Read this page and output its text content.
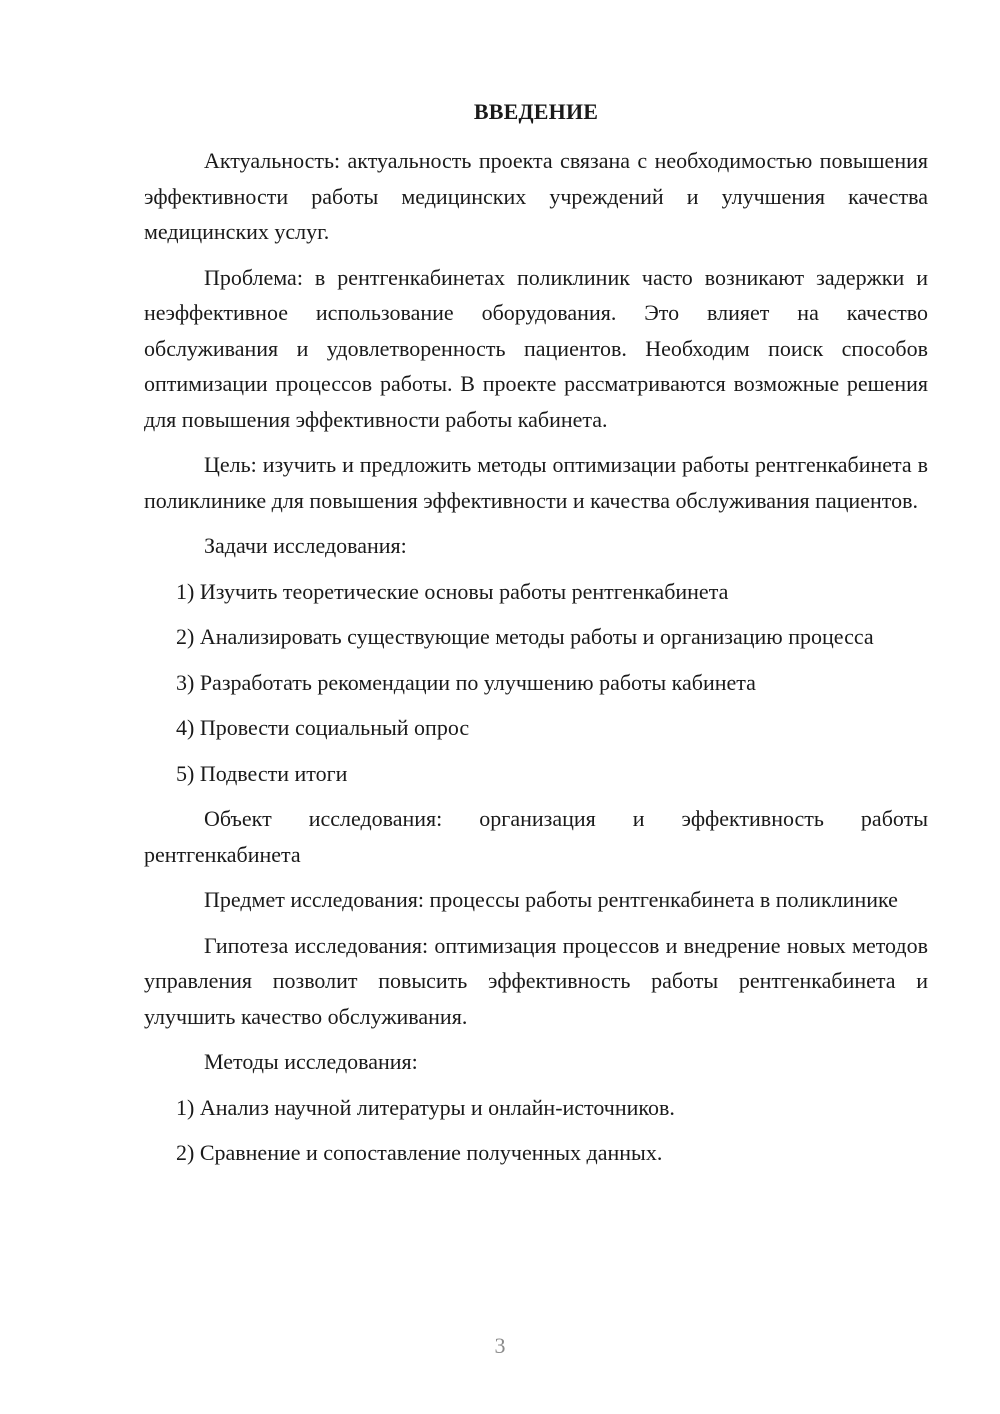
ВВЕДЕНИЕ

Актуальность: актуальность проекта связана с необходимостью повышения эффективности работы медицинских учреждений и улучшения качества медицинских услуг.

Проблема: в рентгенкабинетах поликлиник часто возникают задержки и неэффективное использование оборудования. Это влияет на качество обслуживания и удовлетворенность пациентов. Необходим поиск способов оптимизации процессов работы. В проекте рассматриваются возможные решения для повышения эффективности работы кабинета.

Цель: изучить и предложить методы оптимизации работы рентгенкабинета в поликлинике для повышения эффективности и качества обслуживания пациентов.

Задачи исследования:

1) Изучить теоретические основы работы рентгенкабинета

2) Анализировать существующие методы работы и организацию процесса

3) Разработать рекомендации по улучшению работы кабинета

4) Провести социальный опрос

5) Подвести итоги

Объект исследования: организация и эффективность работы рентгенкабинета

Предмет исследования: процессы работы рентгенкабинета в поликлинике

Гипотеза исследования: оптимизация процессов и внедрение новых методов управления позволит повысить эффективность работы рентгенкабинета и улучшить качество обслуживания.

Методы исследования:

1) Анализ научной литературы и онлайн-источников.

2) Сравнение и сопоставление полученных данных.

3
